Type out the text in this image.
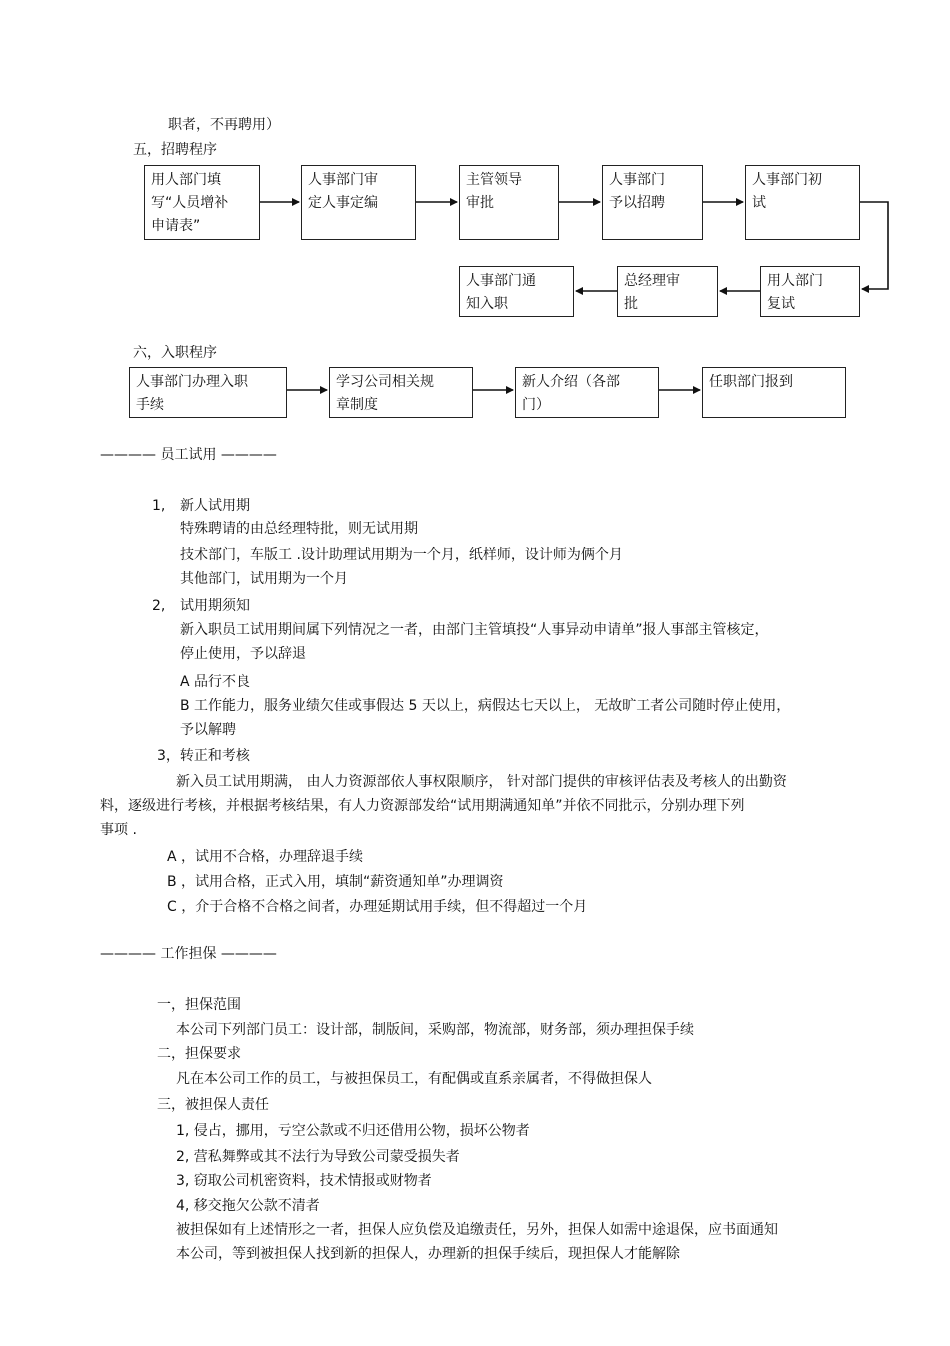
职者，不再聘用）
五，招聘程序
用人部门填
写“人员增补
申请表”
人事部门审
定人事定编
主管领导
审批
人事部门
予以招聘
人事部门初
试
用人部门
复试
总经理审
批
人事部门通
知入职
六，入职程序
人事部门办理入职
手续
学习公司相关规
章制度
新人介绍（各部
门）
任职部门报到
———— 员工试用 ————
1, 新人试用期
特殊聘请的由总经理特批，则无试用期
技术部门，车版工 .设计助理试用期为一个月，纸样师，设计师为俩个月
其他部门，试用期为一个月
2, 试用期须知
新入职员工试用期间属下列情况之一者，由部门主管填投“人事异动申请单”报人事部主管核定，
停止使用，予以辞退
A 品行不良
B 工作能力，服务业绩欠佳或事假达 5 天以上，病假达七天以上， 无故旷工者公司随时停止使用，
予以解聘
3，转正和考核
新入员工试用期满， 由人力资源部依人事权限顺序， 针对部门提供的审核评估表及考核人的出勤资
料，逐级进行考核，并根据考核结果，有人力资源部发给“试用期满通知单”并依不同批示，分别办理下列
事项 .
A ，试用不合格，办理辞退手续
B ，试用合格，正式入用，填制“薪资通知单”办理调资
C ，介于合格不合格之间者，办理延期试用手续，但不得超过一个月
———— 工作担保 ————
一，担保范围
本公司下列部门员工：设计部，制版间，采购部，物流部，财务部，须办理担保手续
二，担保要求
凡在本公司工作的员工，与被担保员工，有配偶或直系亲属者，不得做担保人
三，被担保人责任
1, 侵占，挪用，亏空公款或不归还借用公物，损坏公物者
2, 营私舞弊或其不法行为导致公司蒙受损失者
3, 窃取公司机密资料，技术情报或财物者
4, 移交拖欠公款不清者
被担保如有上述情形之一者，担保人应负偿及追缴责任，另外，担保人如需中途退保，应书面通知
本公司，等到被担保人找到新的担保人，办理新的担保手续后，现担保人才能解除
